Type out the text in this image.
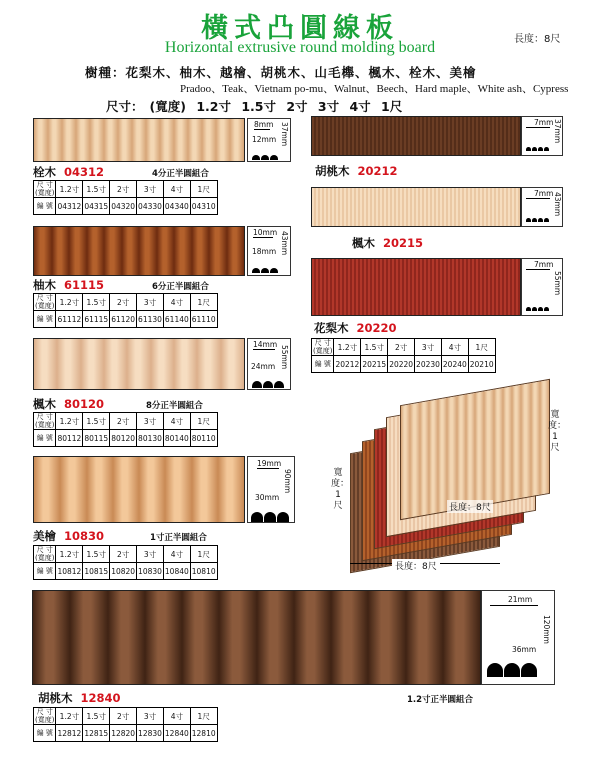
橫式凸圓線板
Horizontal extrusive round molding board	長度：8尺
樹種：花梨木、柚木、越檜、胡桃木、山毛櫸、楓木、栓木、美檜
Pradoo、Teak、Vietnam po-mu、Walnut、Beech、Hard maple、White ash、Cypress
尺寸： (寬度) 1.2寸 1.5寸 2寸 3寸 4寸 1尺
8mm
12mm 37mm
栓木 04312	4分正半圓組合
尺 寸
(寬度)	1.2寸	1.5寸	2寸	3寸	4寸	1尺
編 號	04312	04315	04320	04330	04340	04310
10mm
18mm 43mm
柚木 61115	6分正半圓組合
尺 寸
(寬度)	1.2寸	1.5寸	2寸	3寸	4寸	1尺
編 號	61112	61115	61120	61130	61140	61110
14mm
24mm 55mm
楓木 80120	8分正半圓組合
尺 寸
(寬度)	1.2寸	1.5寸	2寸	3寸	4寸	1尺
編 號	80112	80115	80120	80130	80140	80110
19mm
30mm
90mm
美檜 10830	1寸正半圓組合
尺 寸
(寬度)	1.2寸	1.5寸	2寸	3寸	4寸	1尺
編 號	10812	10815	10820	10830	10840	10810
7mm 37mm
胡桃木 20212
7mm 43mm
楓木 20215
7mm
55mm
花梨木 20220
尺 寸
(寬度)	1.2寸	1.5寸	2寸	3寸	4寸	1尺
編 號	20212	20215	20220	20230	20240	20210
寬度：1尺
長度：8尺
寬度：1尺
長度：8尺
21mm
36mm
120mm
胡桃木 12840	1.2寸正半圓組合
尺 寸
(寬度)	1.2寸	1.5寸	2寸	3寸	4寸	1尺
編 號	12812	12815	12820	12830	12840	12810
